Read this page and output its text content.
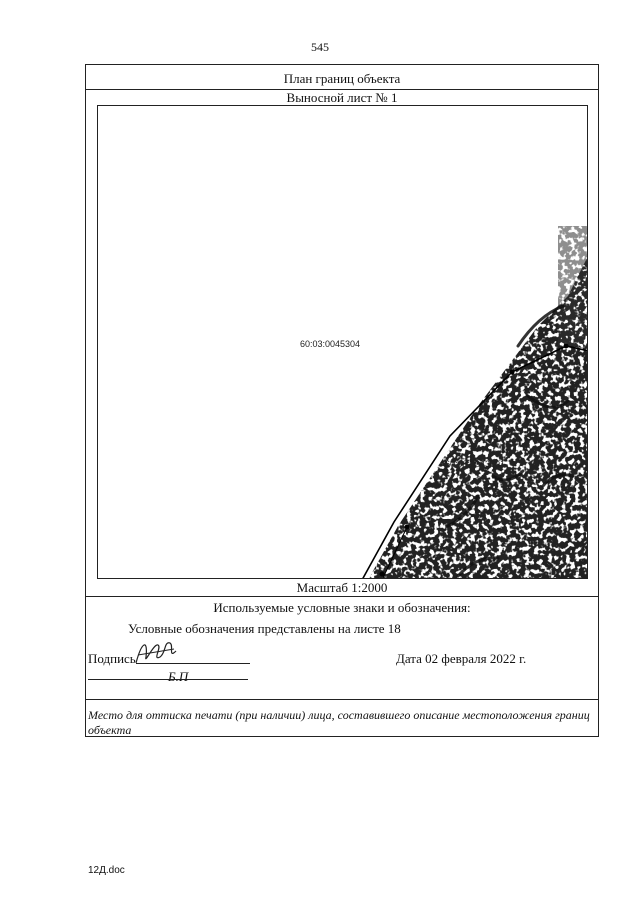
545
План границ объекта
Выносной лист № 1
60:03:0045304
60:03:0043601
н2
Масштаб 1:2000
Используемые условные знаки и обозначения:
Условные обозначения представлены на листе 18
Подпись
Б.П
Дата 02 февраля 2022 г.
Место для оттиска печати (при наличии) лица, составившего описание местоположения границ объекта
12Д.doc
